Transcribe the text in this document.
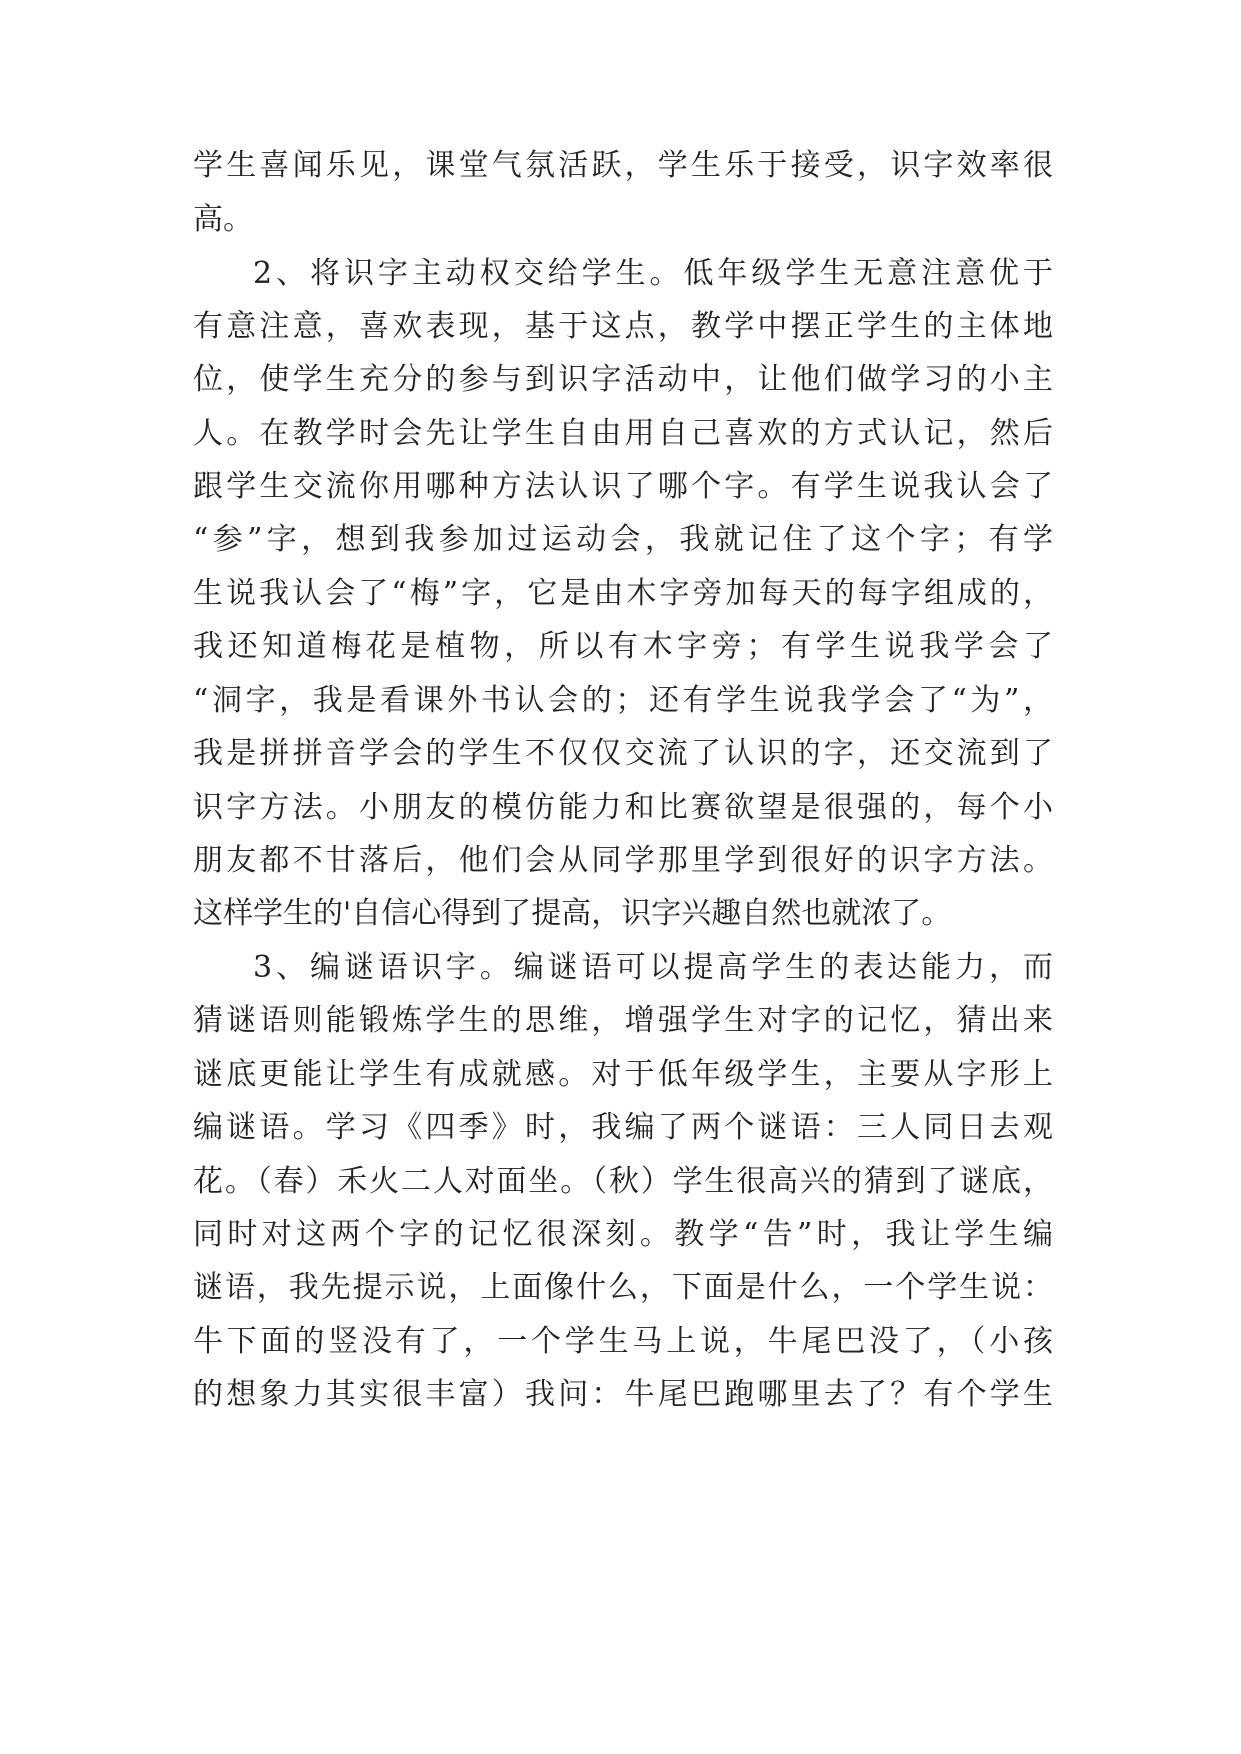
学生喜闻乐见，课堂气氛活跃，学生乐于接受，识字效率很
高。
2、将识字主动权交给学生。低年级学生无意注意优于
有意注意，喜欢表现，基于这点，教学中摆正学生的主体地
位，使学生充分的参与到识字活动中，让他们做学习的小主
人。在教学时会先让学生自由用自己喜欢的方式认记，然后
跟学生交流你用哪种方法认识了哪个字。有学生说我认会了
“参”字，想到我参加过运动会，我就记住了这个字；有学
生说我认会了“梅”字，它是由木字旁加每天的每字组成的，
我还知道梅花是植物，所以有木字旁；有学生说我学会了
“洞字，我是看课外书认会的；还有学生说我学会了“为”，
我是拼拼音学会的学生不仅仅交流了认识的字，还交流到了
识字方法。小朋友的模仿能力和比赛欲望是很强的，每个小
朋友都不甘落后，他们会从同学那里学到很好的识字方法。
这样学生的'自信心得到了提高，识字兴趣自然也就浓了。
3、编谜语识字。编谜语可以提高学生的表达能力，而
猜谜语则能锻炼学生的思维，增强学生对字的记忆，猜出来
谜底更能让学生有成就感。对于低年级学生，主要从字形上
编谜语。学习《四季》时，我编了两个谜语：三人同日去观
花。（春）禾火二人对面坐。（秋）学生很高兴的猜到了谜底，
同时对这两个字的记忆很深刻。教学“告”时，我让学生编
谜语，我先提示说，上面像什么，下面是什么，一个学生说：
牛下面的竖没有了，一个学生马上说，牛尾巴没了，（小孩
的想象力其实很丰富）我问：牛尾巴跑哪里去了？有个学生
